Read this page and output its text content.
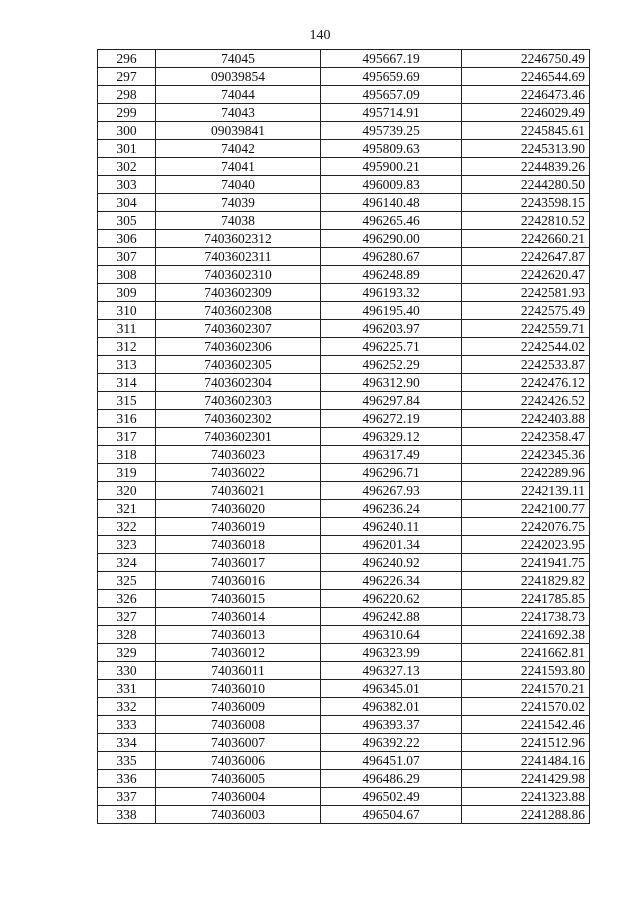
140
296	74045	495667.19	2246750.49
297	09039854	495659.69	2246544.69
298	74044	495657.09	2246473.46
299	74043	495714.91	2246029.49
300	09039841	495739.25	2245845.61
301	74042	495809.63	2245313.90
302	74041	495900.21	2244839.26
303	74040	496009.83	2244280.50
304	74039	496140.48	2243598.15
305	74038	496265.46	2242810.52
306	7403602312	496290.00	2242660.21
307	7403602311	496280.67	2242647.87
308	7403602310	496248.89	2242620.47
309	7403602309	496193.32	2242581.93
310	7403602308	496195.40	2242575.49
311	7403602307	496203.97	2242559.71
312	7403602306	496225.71	2242544.02
313	7403602305	496252.29	2242533.87
314	7403602304	496312.90	2242476.12
315	7403602303	496297.84	2242426.52
316	7403602302	496272.19	2242403.88
317	7403602301	496329.12	2242358.47
318	74036023	496317.49	2242345.36
319	74036022	496296.71	2242289.96
320	74036021	496267.93	2242139.11
321	74036020	496236.24	2242100.77
322	74036019	496240.11	2242076.75
323	74036018	496201.34	2242023.95
324	74036017	496240.92	2241941.75
325	74036016	496226.34	2241829.82
326	74036015	496220.62	2241785.85
327	74036014	496242.88	2241738.73
328	74036013	496310.64	2241692.38
329	74036012	496323.99	2241662.81
330	74036011	496327.13	2241593.80
331	74036010	496345.01	2241570.21
332	74036009	496382.01	2241570.02
333	74036008	496393.37	2241542.46
334	74036007	496392.22	2241512.96
335	74036006	496451.07	2241484.16
336	74036005	496486.29	2241429.98
337	74036004	496502.49	2241323.88
338	74036003	496504.67	2241288.86
